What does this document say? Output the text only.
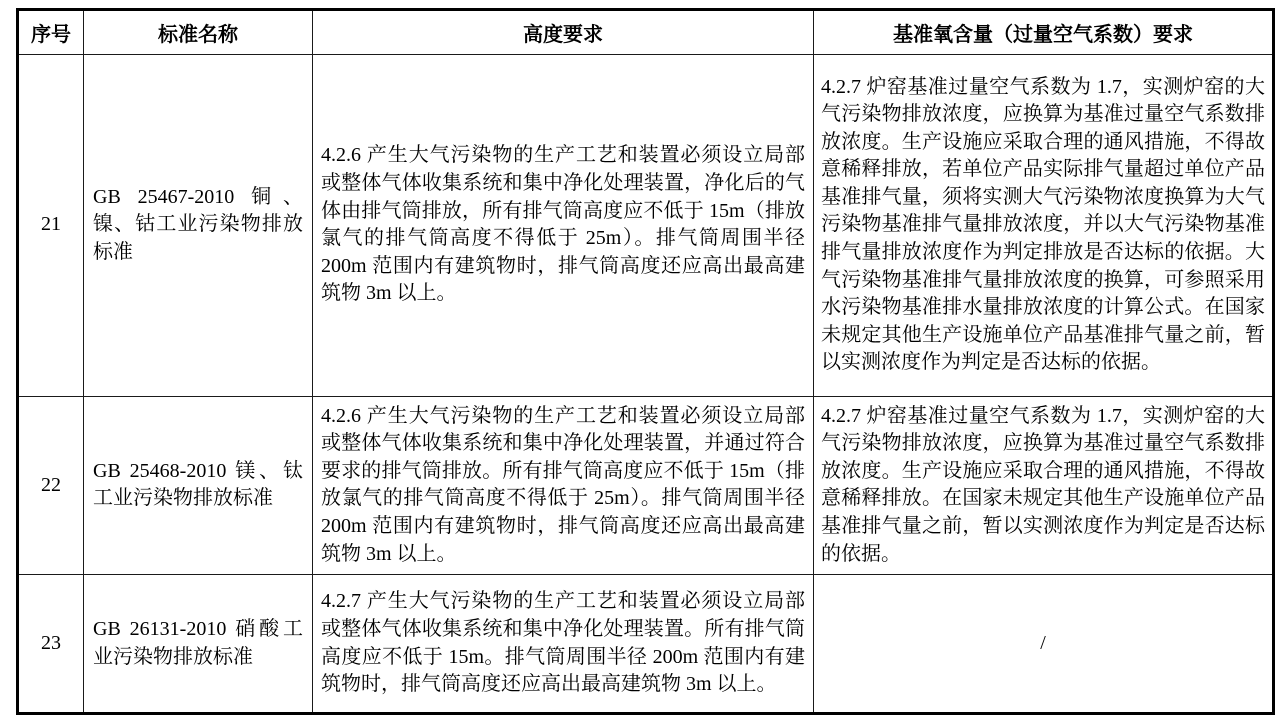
序号	标准名称	高度要求	基准氧含量（过量空气系数）要求
21	GB 25467-2010 铜、镍、钴工业污染物排放标准	4.2.6 产生大气污染物的生产工艺和装置必须设立局部或整体气体收集系统和集中净化处理装置，净化后的气体由排气筒排放，所有排气筒高度应不低于 15m（排放氯气的排气筒高度不得低于 25m）。排气筒周围半径 200m 范围内有建筑物时，排气筒高度还应高出最高建筑物 3m 以上。	4.2.7 炉窑基准过量空气系数为 1.7，实测炉窑的大气污染物排放浓度，应换算为基准过量空气系数排放浓度。生产设施应采取合理的通风措施，不得故意稀释排放，若单位产品实际排气量超过单位产品基准排气量，须将实测大气污染物浓度换算为大气污染物基准排气量排放浓度，并以大气污染物基准排气量排放浓度作为判定排放是否达标的依据。大气污染物基准排气量排放浓度的换算，可参照采用水污染物基准排水量排放浓度的计算公式。在国家未规定其他生产设施单位产品基准排气量之前，暂以实测浓度作为判定是否达标的依据。
22	GB 25468-2010 镁、钛工业污染物排放标准	4.2.6 产生大气污染物的生产工艺和装置必须设立局部或整体气体收集系统和集中净化处理装置，并通过符合要求的排气筒排放。所有排气筒高度应不低于 15m（排放氯气的排气筒高度不得低于 25m）。排气筒周围半径 200m 范围内有建筑物时，排气筒高度还应高出最高建筑物 3m 以上。	4.2.7 炉窑基准过量空气系数为 1.7，实测炉窑的大气污染物排放浓度，应换算为基准过量空气系数排放浓度。生产设施应采取合理的通风措施，不得故意稀释排放。在国家未规定其他生产设施单位产品基准排气量之前，暂以实测浓度作为判定是否达标的依据。
23	GB 26131-2010 硝酸工业污染物排放标准	4.2.7 产生大气污染物的生产工艺和装置必须设立局部或整体气体收集系统和集中净化处理装置。所有排气筒高度应不低于 15m。排气筒周围半径 200m 范围内有建筑物时，排气筒高度还应高出最高建筑物 3m 以上。	/
